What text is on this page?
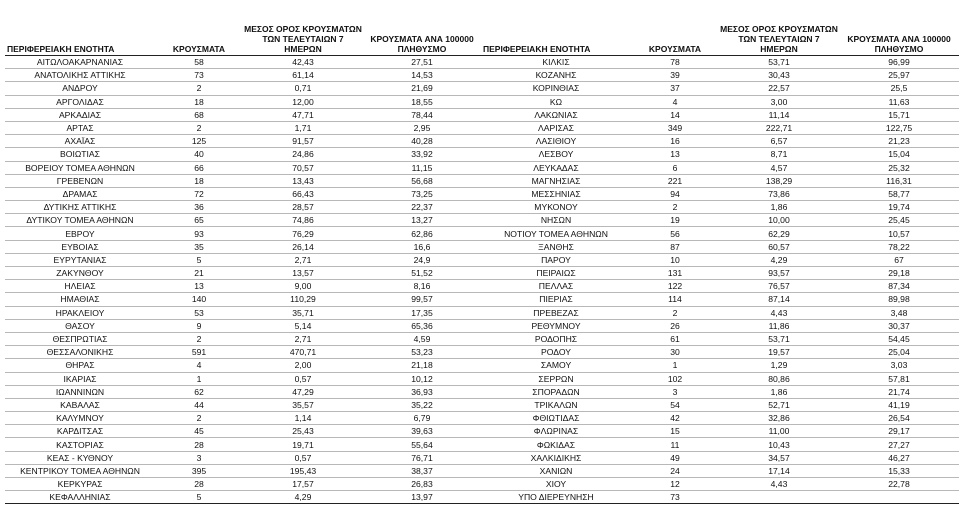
ΠΕΡΙΦΕΡΕΙΑΚΗ ΕΝΟΤΗΤΑ	ΚΡΟΥΣΜΑΤΑ	ΜΕΣΟΣ ΟΡΟΣ ΚΡΟΥΣΜΑΤΩΝ ΤΩΝ ΤΕΛΕΥΤΑΙΩΝ 7 ΗΜΕΡΩΝ	ΚΡΟΥΣΜΑΤΑ ΑΝΑ 100000 ΠΛΗΘΥΣΜΟ	ΠΕΡΙΦΕΡΕΙΑΚΗ ΕΝΟΤΗΤΑ	ΚΡΟΥΣΜΑΤΑ	ΜΕΣΟΣ ΟΡΟΣ ΚΡΟΥΣΜΑΤΩΝ ΤΩΝ ΤΕΛΕΥΤΑΙΩΝ 7 ΗΜΕΡΩΝ	ΚΡΟΥΣΜΑΤΑ ΑΝΑ 100000 ΠΛΗΘΥΣΜΟ
ΑΙΤΩΛΟΑΚΑΡΝΑΝΙΑΣ	58	42,43	27,51	ΚΙΛΚΙΣ	78	53,71	96,99
ΑΝΑΤΟΛΙΚΗΣ ΑΤΤΙΚΗΣ	73	61,14	14,53	ΚΟΖΑΝΗΣ	39	30,43	25,97
ΑΝΔΡΟΥ	2	0,71	21,69	ΚΟΡΙΝΘΙΑΣ	37	22,57	25,5
ΑΡΓΟΛΙΔΑΣ	18	12,00	18,55	ΚΩ	4	3,00	11,63
ΑΡΚΑΔΙΑΣ	68	47,71	78,44	ΛΑΚΩΝΙΑΣ	14	11,14	15,71
ΑΡΤΑΣ	2	1,71	2,95	ΛΑΡΙΣΑΣ	349	222,71	122,75
ΑΧΑΪΑΣ	125	91,57	40,28	ΛΑΣΙΘΙΟΥ	16	6,57	21,23
ΒΟΙΩΤΙΑΣ	40	24,86	33,92	ΛΕΣΒΟΥ	13	8,71	15,04
ΒΟΡΕΙΟΥ ΤΟΜΕΑ ΑΘΗΝΩΝ	66	70,57	11,15	ΛΕΥΚΑΔΑΣ	6	4,57	25,32
ΓΡΕΒΕΝΩΝ	18	13,43	56,68	ΜΑΓΝΗΣΙΑΣ	221	138,29	116,31
ΔΡΑΜΑΣ	72	66,43	73,25	ΜΕΣΣΗΝΙΑΣ	94	73,86	58,77
ΔΥΤΙΚΗΣ ΑΤΤΙΚΗΣ	36	28,57	22,37	ΜΥΚΟΝΟΥ	2	1,86	19,74
ΔΥΤΙΚΟΥ ΤΟΜΕΑ ΑΘΗΝΩΝ	65	74,86	13,27	ΝΗΣΩΝ	19	10,00	25,45
ΕΒΡΟΥ	93	76,29	62,86	ΝΟΤΙΟΥ ΤΟΜΕΑ ΑΘΗΝΩΝ	56	62,29	10,57
ΕΥΒΟΙΑΣ	35	26,14	16,6	ΞΑΝΘΗΣ	87	60,57	78,22
ΕΥΡΥΤΑΝΙΑΣ	5	2,71	24,9	ΠΑΡΟΥ	10	4,29	67
ΖΑΚΥΝΘΟΥ	21	13,57	51,52	ΠΕΙΡΑΙΩΣ	131	93,57	29,18
ΗΛΕΙΑΣ	13	9,00	8,16	ΠΕΛΛΑΣ	122	76,57	87,34
ΗΜΑΘΙΑΣ	140	110,29	99,57	ΠΙΕΡΙΑΣ	114	87,14	89,98
ΗΡΑΚΛΕΙΟΥ	53	35,71	17,35	ΠΡΕΒΕΖΑΣ	2	4,43	3,48
ΘΑΣΟΥ	9	5,14	65,36	ΡΕΘΥΜΝΟΥ	26	11,86	30,37
ΘΕΣΠΡΩΤΙΑΣ	2	2,71	4,59	ΡΟΔΟΠΗΣ	61	53,71	54,45
ΘΕΣΣΑΛΟΝΙΚΗΣ	591	470,71	53,23	ΡΟΔΟΥ	30	19,57	25,04
ΘΗΡΑΣ	4	2,00	21,18	ΣΑΜΟΥ	1	1,29	3,03
ΙΚΑΡΙΑΣ	1	0,57	10,12	ΣΕΡΡΩΝ	102	80,86	57,81
ΙΩΑΝΝΙΝΩΝ	62	47,29	36,93	ΣΠΟΡΑΔΩΝ	3	1,86	21,74
ΚΑΒΑΛΑΣ	44	35,57	35,22	ΤΡΙΚΑΛΩΝ	54	52,71	41,19
ΚΑΛΥΜΝΟΥ	2	1,14	6,79	ΦΘΙΩΤΙΔΑΣ	42	32,86	26,54
ΚΑΡΔΙΤΣΑΣ	45	25,43	39,63	ΦΛΩΡΙΝΑΣ	15	11,00	29,17
ΚΑΣΤΟΡΙΑΣ	28	19,71	55,64	ΦΩΚΙΔΑΣ	11	10,43	27,27
ΚΕΑΣ - ΚΥΘΝΟΥ	3	0,57	76,71	ΧΑΛΚΙΔΙΚΗΣ	49	34,57	46,27
ΚΕΝΤΡΙΚΟΥ ΤΟΜΕΑ ΑΘΗΝΩΝ	395	195,43	38,37	ΧΑΝΙΩΝ	24	17,14	15,33
ΚΕΡΚΥΡΑΣ	28	17,57	26,83	ΧΙΟΥ	12	4,43	22,78
ΚΕΦΑΛΛΗΝΙΑΣ	5	4,29	13,97	ΥΠΟ ΔΙΕΡΕΥΝΗΣΗ	73		
